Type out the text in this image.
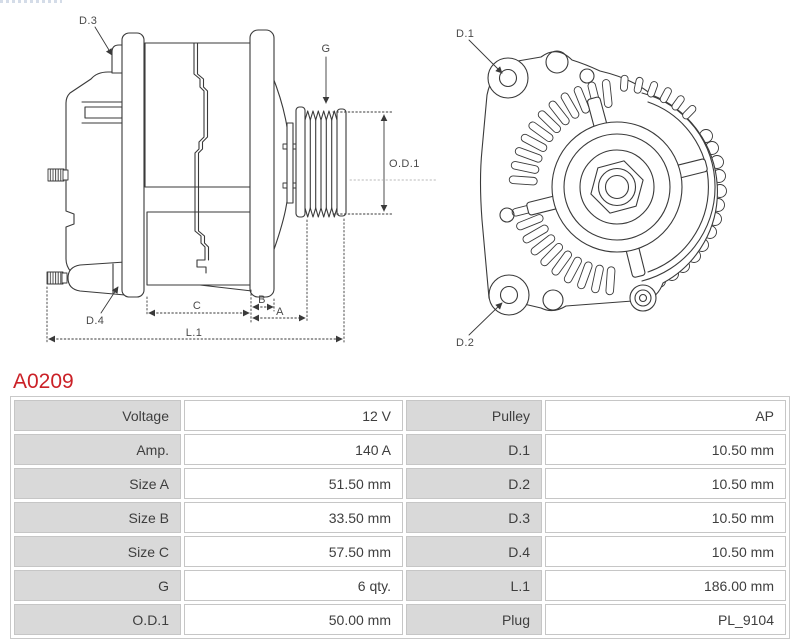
D.3
G
O.D.1
C	B
A
L.1
D.4
D.1
D.2
A0209
Voltage	12 V	Pulley	AP
Amp.	140 A	D.1	10.50 mm
Size A	51.50 mm	D.2	10.50 mm
Size B	33.50 mm	D.3	10.50 mm
Size C	57.50 mm	D.4	10.50 mm
G	6 qty.	L.1	186.00 mm
O.D.1	50.00 mm	Plug	PL_9104
